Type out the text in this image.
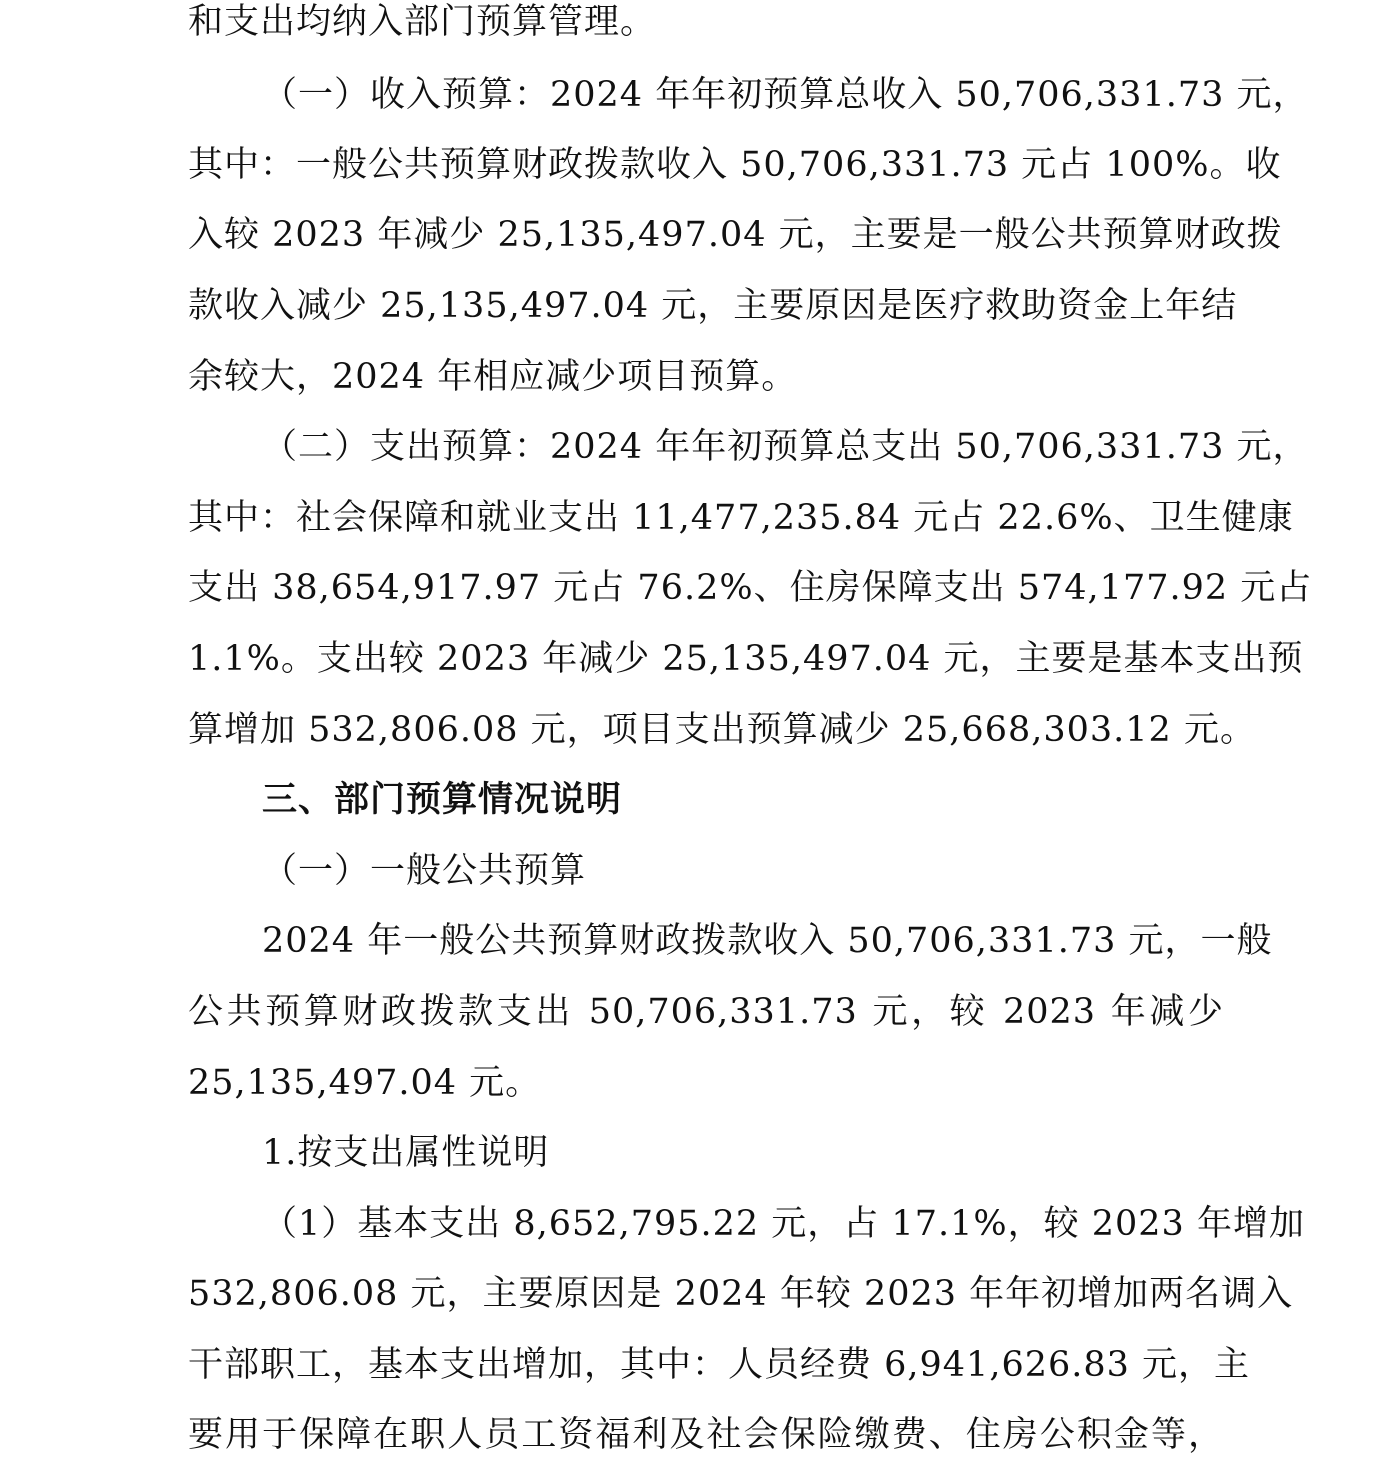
和支出均纳入部门预算管理。
（一）收入预算：2024 年年初预算总收入 50,706,331.73 元，
其中：一般公共预算财政拨款收入 50,706,331.73 元占 100%。收
入较 2023 年减少 25,135,497.04 元，主要是一般公共预算财政拨
款收入减少 25,135,497.04 元，主要原因是医疗救助资金上年结
余较大，2024 年相应减少项目预算。
（二）支出预算：2024 年年初预算总支出 50,706,331.73 元，
其中：社会保障和就业支出 11,477,235.84 元占 22.6%、卫生健康
支出 38,654,917.97 元占 76.2%、住房保障支出 574,177.92 元占
1.1%。支出较 2023 年减少 25,135,497.04 元，主要是基本支出预
算增加 532,806.08 元，项目支出预算减少 25,668,303.12 元。
三、部门预算情况说明
（一）一般公共预算
2024 年一般公共预算财政拨款收入 50,706,331.73 元，一般
公共预算财政拨款支出 50,706,331.73 元，较 2023 年减少
25,135,497.04 元。
1.按支出属性说明
（1）基本支出 8,652,795.22 元，占 17.1%，较 2023 年增加
532,806.08 元，主要原因是 2024 年较 2023 年年初增加两名调入
干部职工，基本支出增加，其中：人员经费 6,941,626.83 元，主
要用于保障在职人员工资福利及社会保险缴费、住房公积金等，
